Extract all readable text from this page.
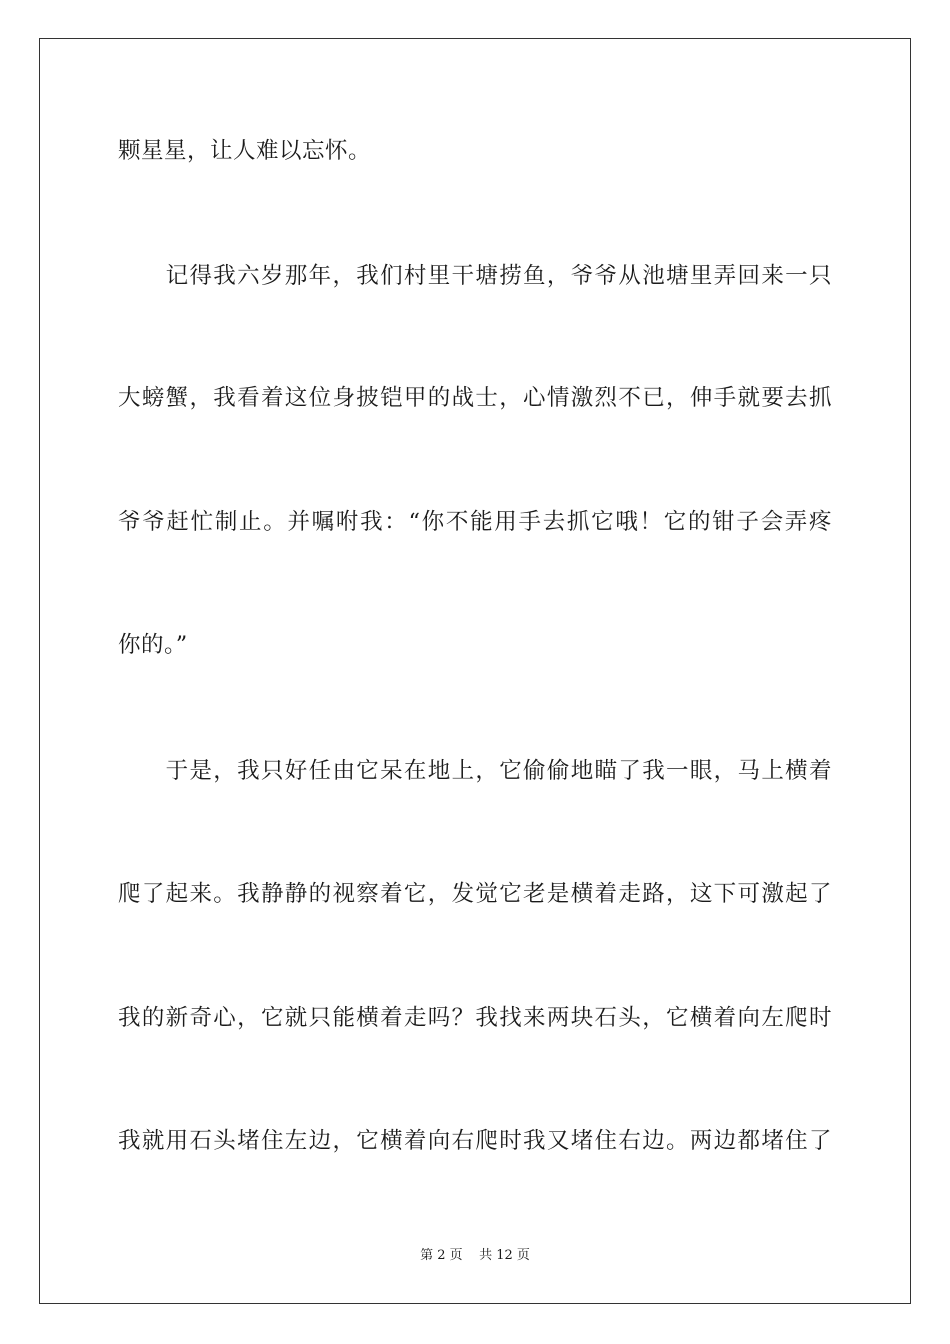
颗星星，让人难以忘怀。
　　记得我六岁那年，我们村里干塘捞鱼，爷爷从池塘里弄回来一只
大螃蟹，我看着这位身披铠甲的战士，心情激烈不已，伸手就要去抓
爷爷赶忙制止。并嘱咐我：“你不能用手去抓它哦！它的钳子会弄疼
你的。”
　　于是，我只好任由它呆在地上，它偷偷地瞄了我一眼，马上横着
爬了起来。我静静的视察着它，发觉它老是横着走路，这下可激起了
我的新奇心，它就只能横着走吗？我找来两块石头，它横着向左爬时
我就用石头堵住左边，它横着向右爬时我又堵住右边。两边都堵住了
第 2 页    共 12 页
